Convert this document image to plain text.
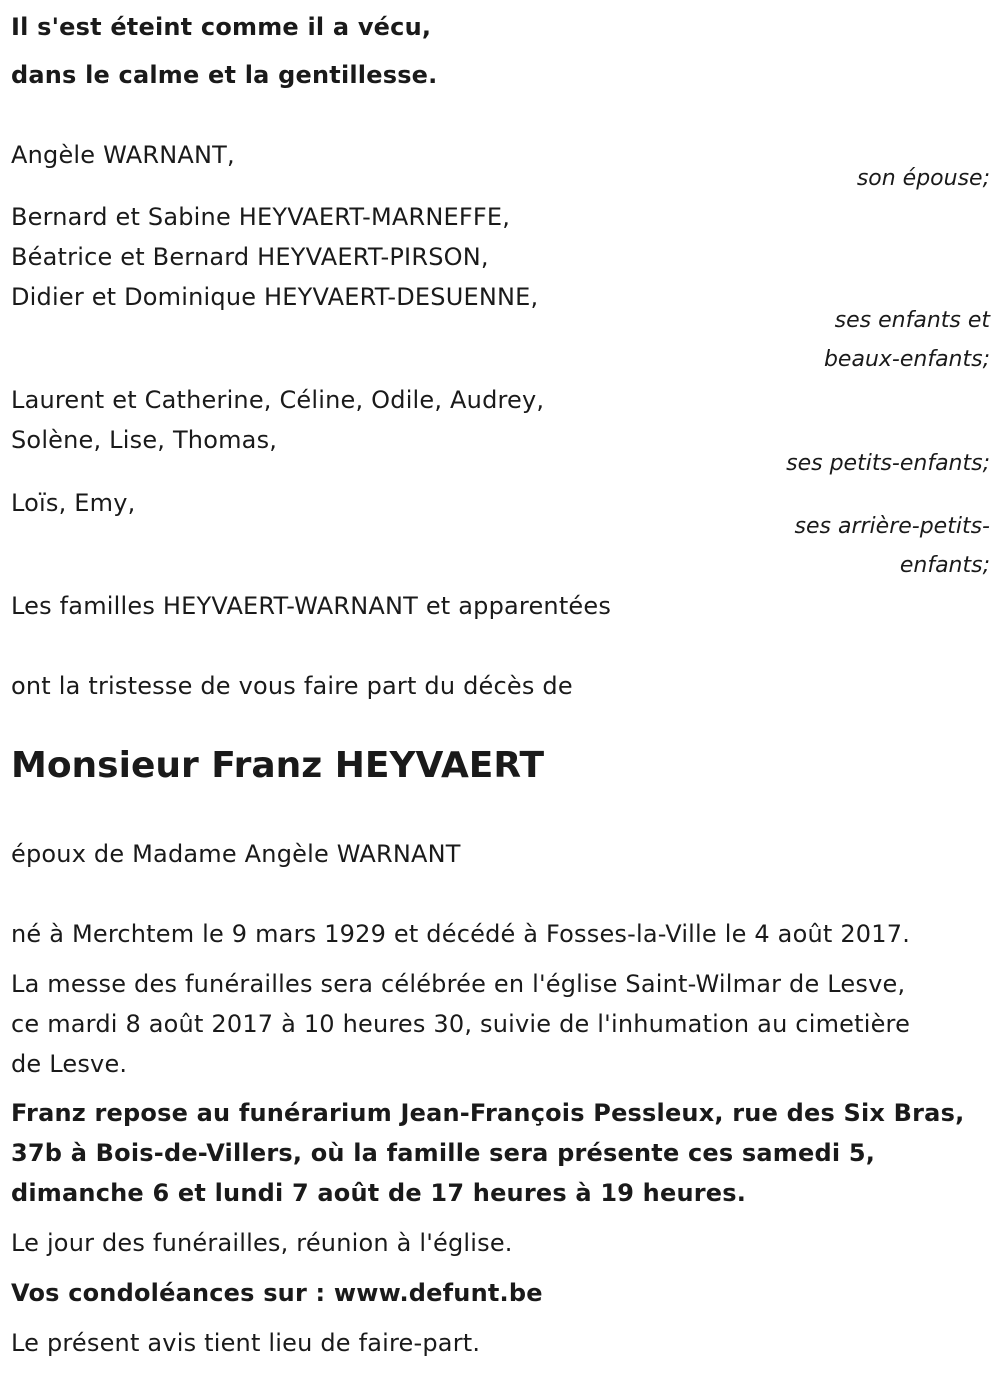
Il s'est éteint comme il a vécu,
dans le calme et la gentillesse.
Angèle WARNANT,
son épouse;
Bernard et Sabine HEYVAERT-MARNEFFE,
Béatrice et Bernard HEYVAERT-PIRSON,
Didier et Dominique HEYVAERT-DESUENNE,
ses enfants et
beaux-enfants;
Laurent et Catherine, Céline, Odile, Audrey,
Solène, Lise, Thomas,
ses petits-enfants;
Loïs, Emy,
ses arrière-petits-
enfants;
Les familles HEYVAERT-WARNANT et apparentées
ont la tristesse de vous faire part du décès de
Monsieur Franz HEYVAERT
époux de Madame Angèle WARNANT
né à Merchtem le 9 mars 1929 et décédé à Fosses-la-Ville le 4 août 2017.
La messe des funérailles sera célébrée en l'église Saint-Wilmar de Lesve,
ce mardi 8 août 2017 à 10 heures 30, suivie de l'inhumation au cimetière
de Lesve.
Franz repose au funérarium Jean-François Pessleux, rue des Six Bras,
37b à Bois-de-Villers, où la famille sera présente ces samedi 5,
dimanche 6 et lundi 7 août de 17 heures à 19 heures.
Le jour des funérailles, réunion à l'église.
Vos condoléances sur : www.defunt.be
Le présent avis tient lieu de faire-part.
